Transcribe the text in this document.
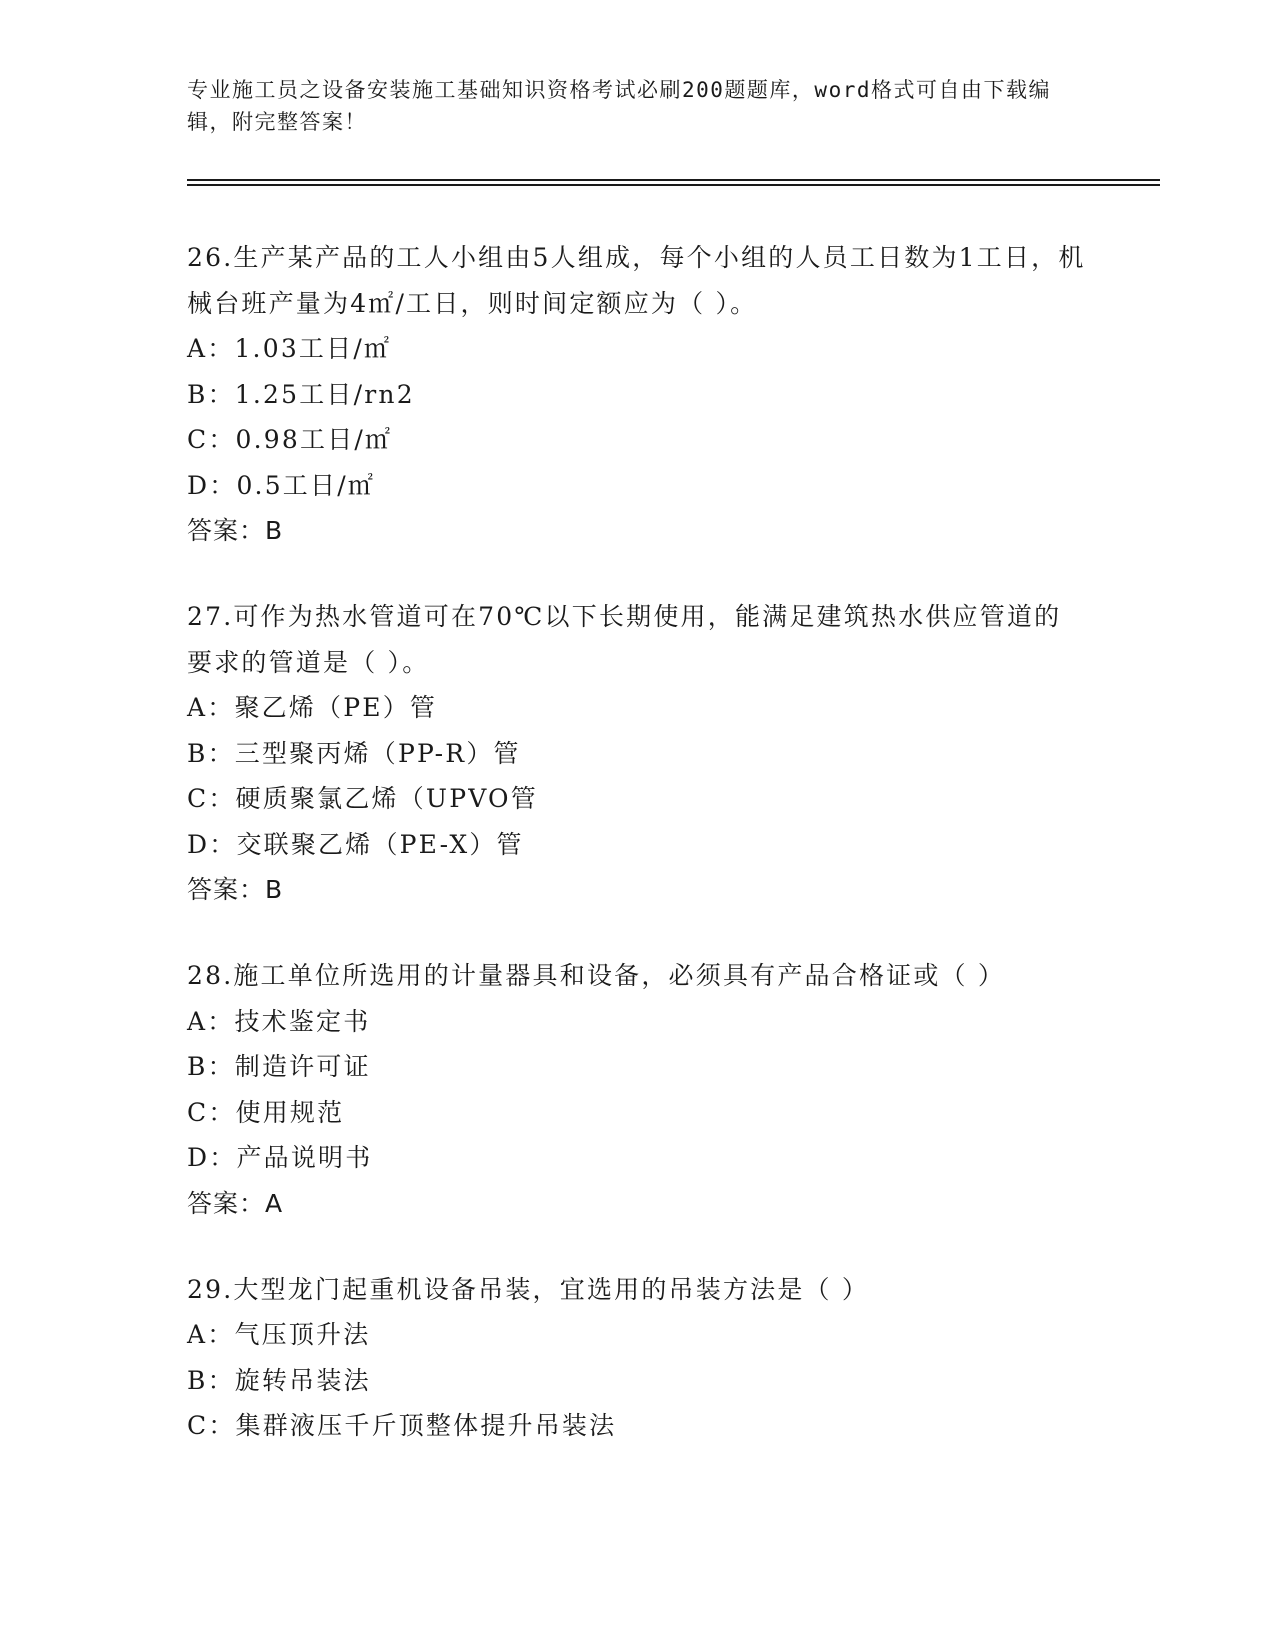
专业施工员之设备安装施工基础知识资格考试必刷200题题库，word格式可自由下载编辑，附完整答案！
26.生产某产品的工人小组由5人组成，每个小组的人员工日数为1工日，机械台班产量为4㎡/工日，则时间定额应为（ ）。
A：1.03工日/㎡
B：1.25工日/rn2
C：0.98工日/㎡
D：0.5工日/㎡
答案：B
27.可作为热水管道可在70℃以下长期使用，能满足建筑热水供应管道的要求的管道是（ ）。
A：聚乙烯（PE）管
B：三型聚丙烯（PP-R）管
C：硬质聚氯乙烯（UPVO管
D：交联聚乙烯（PE-X）管
答案：B
28.施工单位所选用的计量器具和设备，必须具有产品合格证或（ ）
A：技术鉴定书
B：制造许可证
C：使用规范
D：产品说明书
答案：A
29.大型龙门起重机设备吊装，宜选用的吊装方法是（ ）
A：气压顶升法
B：旋转吊装法
C：集群液压千斤顶整体提升吊装法
